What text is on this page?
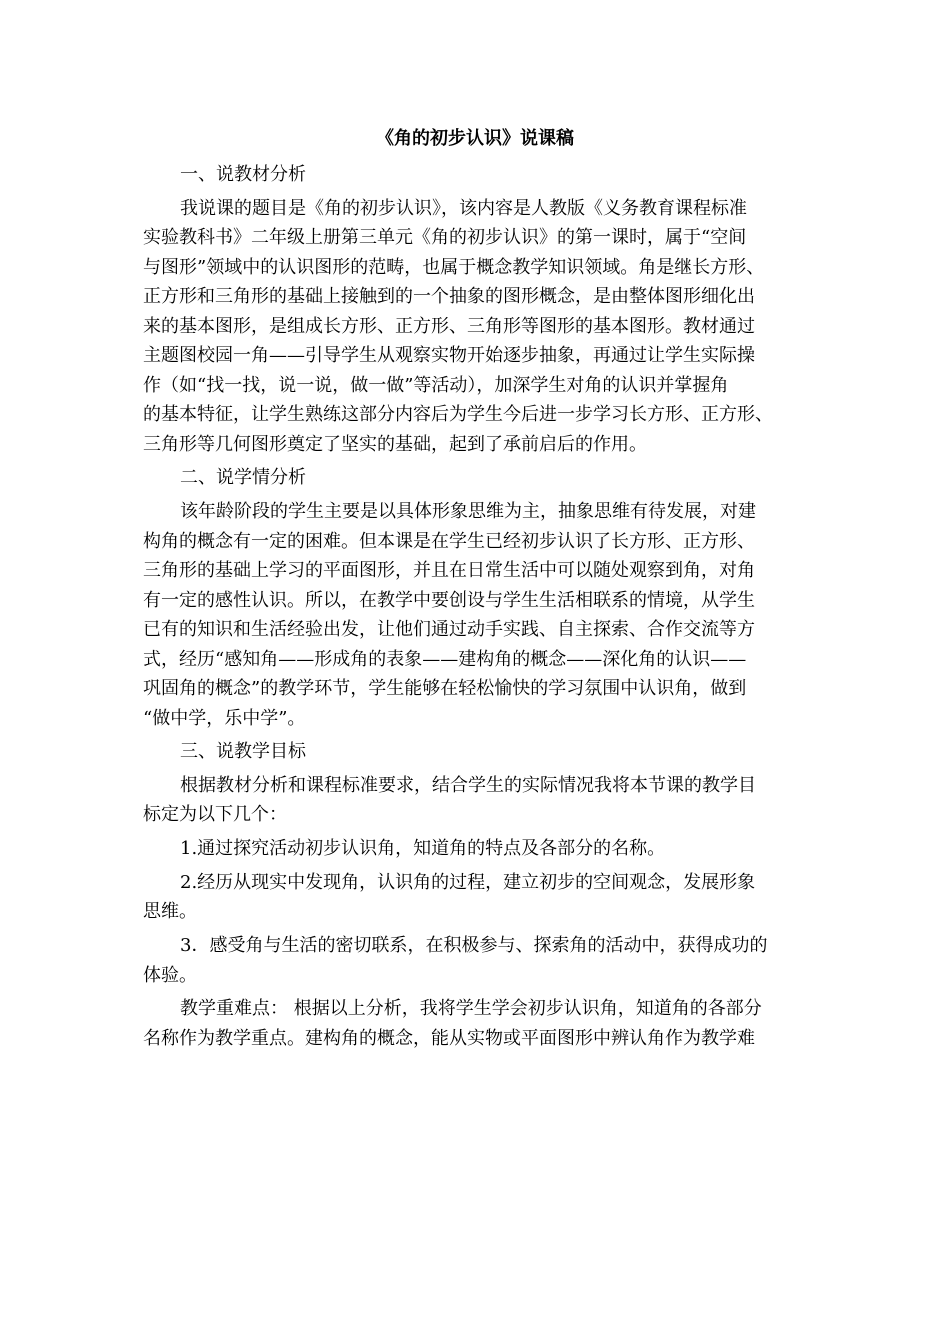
《角的初步认识》说课稿
一、说教材分析
我说课的题目是《角的初步认识》，该内容是人教版《义务教育课程标准
实验教科书》二年级上册第三单元《角的初步认识》的第一课时，属于“空间
与图形”领域中的认识图形的范畴，也属于概念教学知识领域。角是继长方形、
正方形和三角形的基础上接触到的一个抽象的图形概念，是由整体图形细化出
来的基本图形，是组成长方形、正方形、三角形等图形的基本图形。教材通过
主题图校园一角——引导学生从观察实物开始逐步抽象，再通过让学生实际操
作（如“找一找，说一说，做一做”等活动），加深学生对角的认识并掌握角
的基本特征，让学生熟练这部分内容后为学生今后进一步学习长方形、正方形、
三角形等几何图形奠定了坚实的基础，起到了承前启后的作用。
二、说学情分析
该年龄阶段的学生主要是以具体形象思维为主，抽象思维有待发展，对建
构角的概念有一定的困难。但本课是在学生已经初步认识了长方形、正方形、
三角形的基础上学习的平面图形，并且在日常生活中可以随处观察到角，对角
有一定的感性认识。所以，在教学中要创设与学生生活相联系的情境，从学生
已有的知识和生活经验出发，让他们通过动手实践、自主探索、合作交流等方
式，经历“感知角——形成角的表象——建构角的概念——深化角的认识——
巩固角的概念”的教学环节，学生能够在轻松愉快的学习氛围中认识角，做到
“做中学，乐中学”。
三、说教学目标
根据教材分析和课程标准要求，结合学生的实际情况我将本节课的教学目
标定为以下几个：
1.通过探究活动初步认识角，知道角的特点及各部分的名称。
2.经历从现实中发现角，认识角的过程，建立初步的空间观念，发展形象
思维。
3．感受角与生活的密切联系，在积极参与、探索角的活动中，获得成功的
体验。
教学重难点： 根据以上分析，我将学生学会初步认识角，知道角的各部分
名称作为教学重点。建构角的概念，能从实物或平面图形中辨认角作为教学难
